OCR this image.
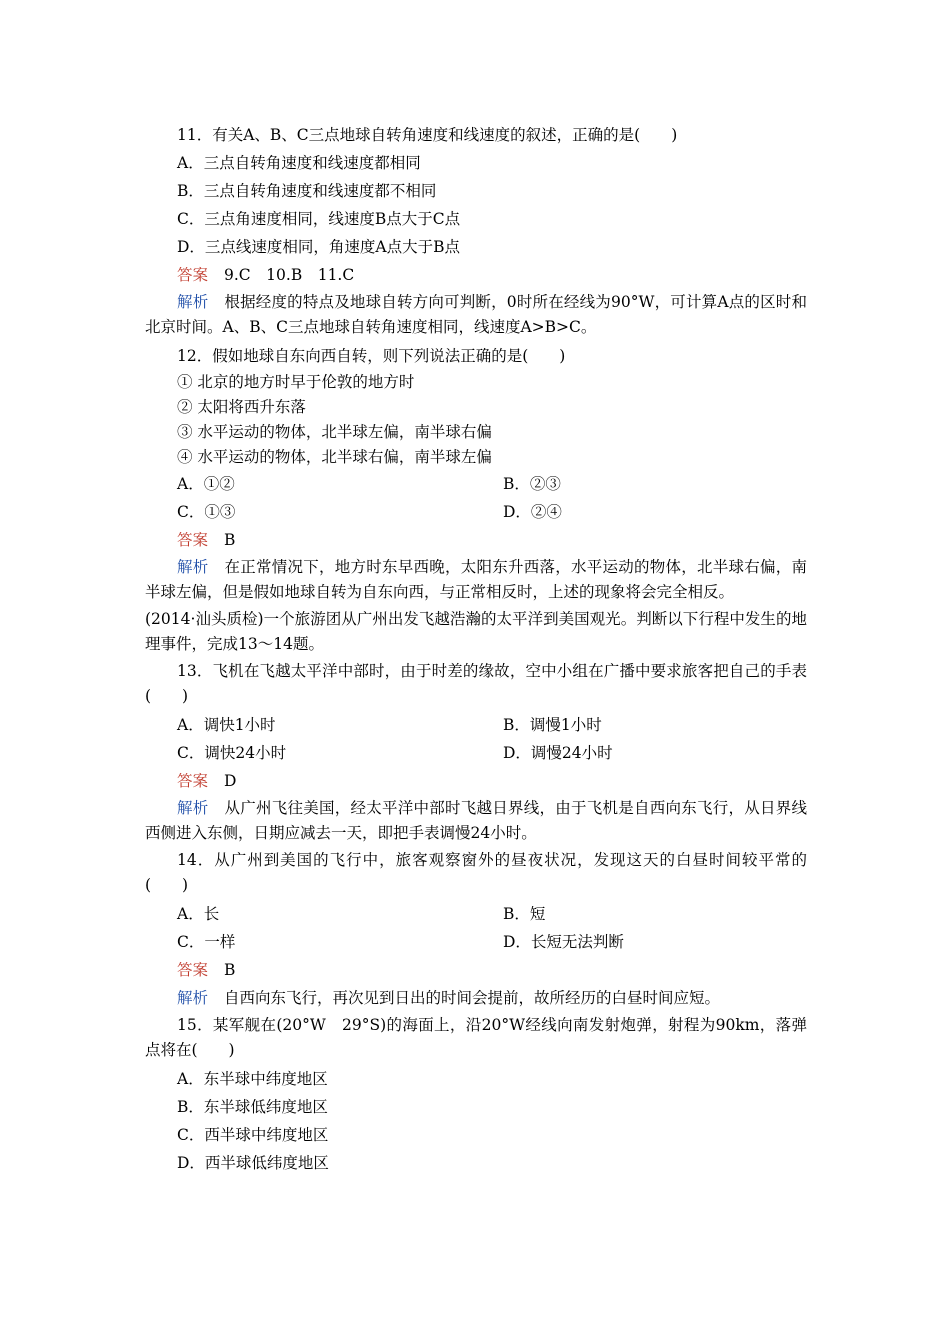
11．有关A、B、C三点地球自转角速度和线速度的叙述，正确的是(　　)
A．三点自转角速度和线速度都相同
B．三点自转角速度和线速度都不相同
C．三点角速度相同，线速度B点大于C点
D．三点线速度相同，角速度A点大于B点
答案 9.C　10.B　11.C
解析 根据经度的特点及地球自转方向可判断，0时所在经线为90°W，可计算A点的区时和北京时间。A、B、C三点地球自转角速度相同，线速度A>B>C。
12．假如地球自东向西自转，则下列说法正确的是(　　)
① 北京的地方时早于伦敦的地方时
② 太阳将西升东落
③ 水平运动的物体，北半球左偏，南半球右偏
④ 水平运动的物体，北半球右偏，南半球左偏
A．①②	B．②③
C．①③	D．②④
答案 B
解析 在正常情况下，地方时东早西晚，太阳东升西落，水平运动的物体，北半球右偏，南半球左偏，但是假如地球自转为自东向西，与正常相反时，上述的现象将会完全相反。
(2014·汕头质检)一个旅游团从广州出发飞越浩瀚的太平洋到美国观光。判断以下行程中发生的地理事件，完成13～14题。
13．飞机在飞越太平洋中部时，由于时差的缘故，空中小组在广播中要求旅客把自己的手表(　　)
A．调快1小时	B．调慢1小时
C．调快24小时	D．调慢24小时
答案 D
解析 从广州飞往美国，经太平洋中部时飞越日界线，由于飞机是自西向东飞行，从日界线西侧进入东侧，日期应减去一天，即把手表调慢24小时。
14．从广州到美国的飞行中，旅客观察窗外的昼夜状况，发现这天的白昼时间较平常的(　　)
A．长	B．短
C．一样	D．长短无法判断
答案 B
解析 自西向东飞行，再次见到日出的时间会提前，故所经历的白昼时间应短。
15．某军舰在(20°W　29°S)的海面上，沿20°W经线向南发射炮弹，射程为90km，落弹点将在(　　)
A．东半球中纬度地区
B．东半球低纬度地区
C．西半球中纬度地区
D．西半球低纬度地区
